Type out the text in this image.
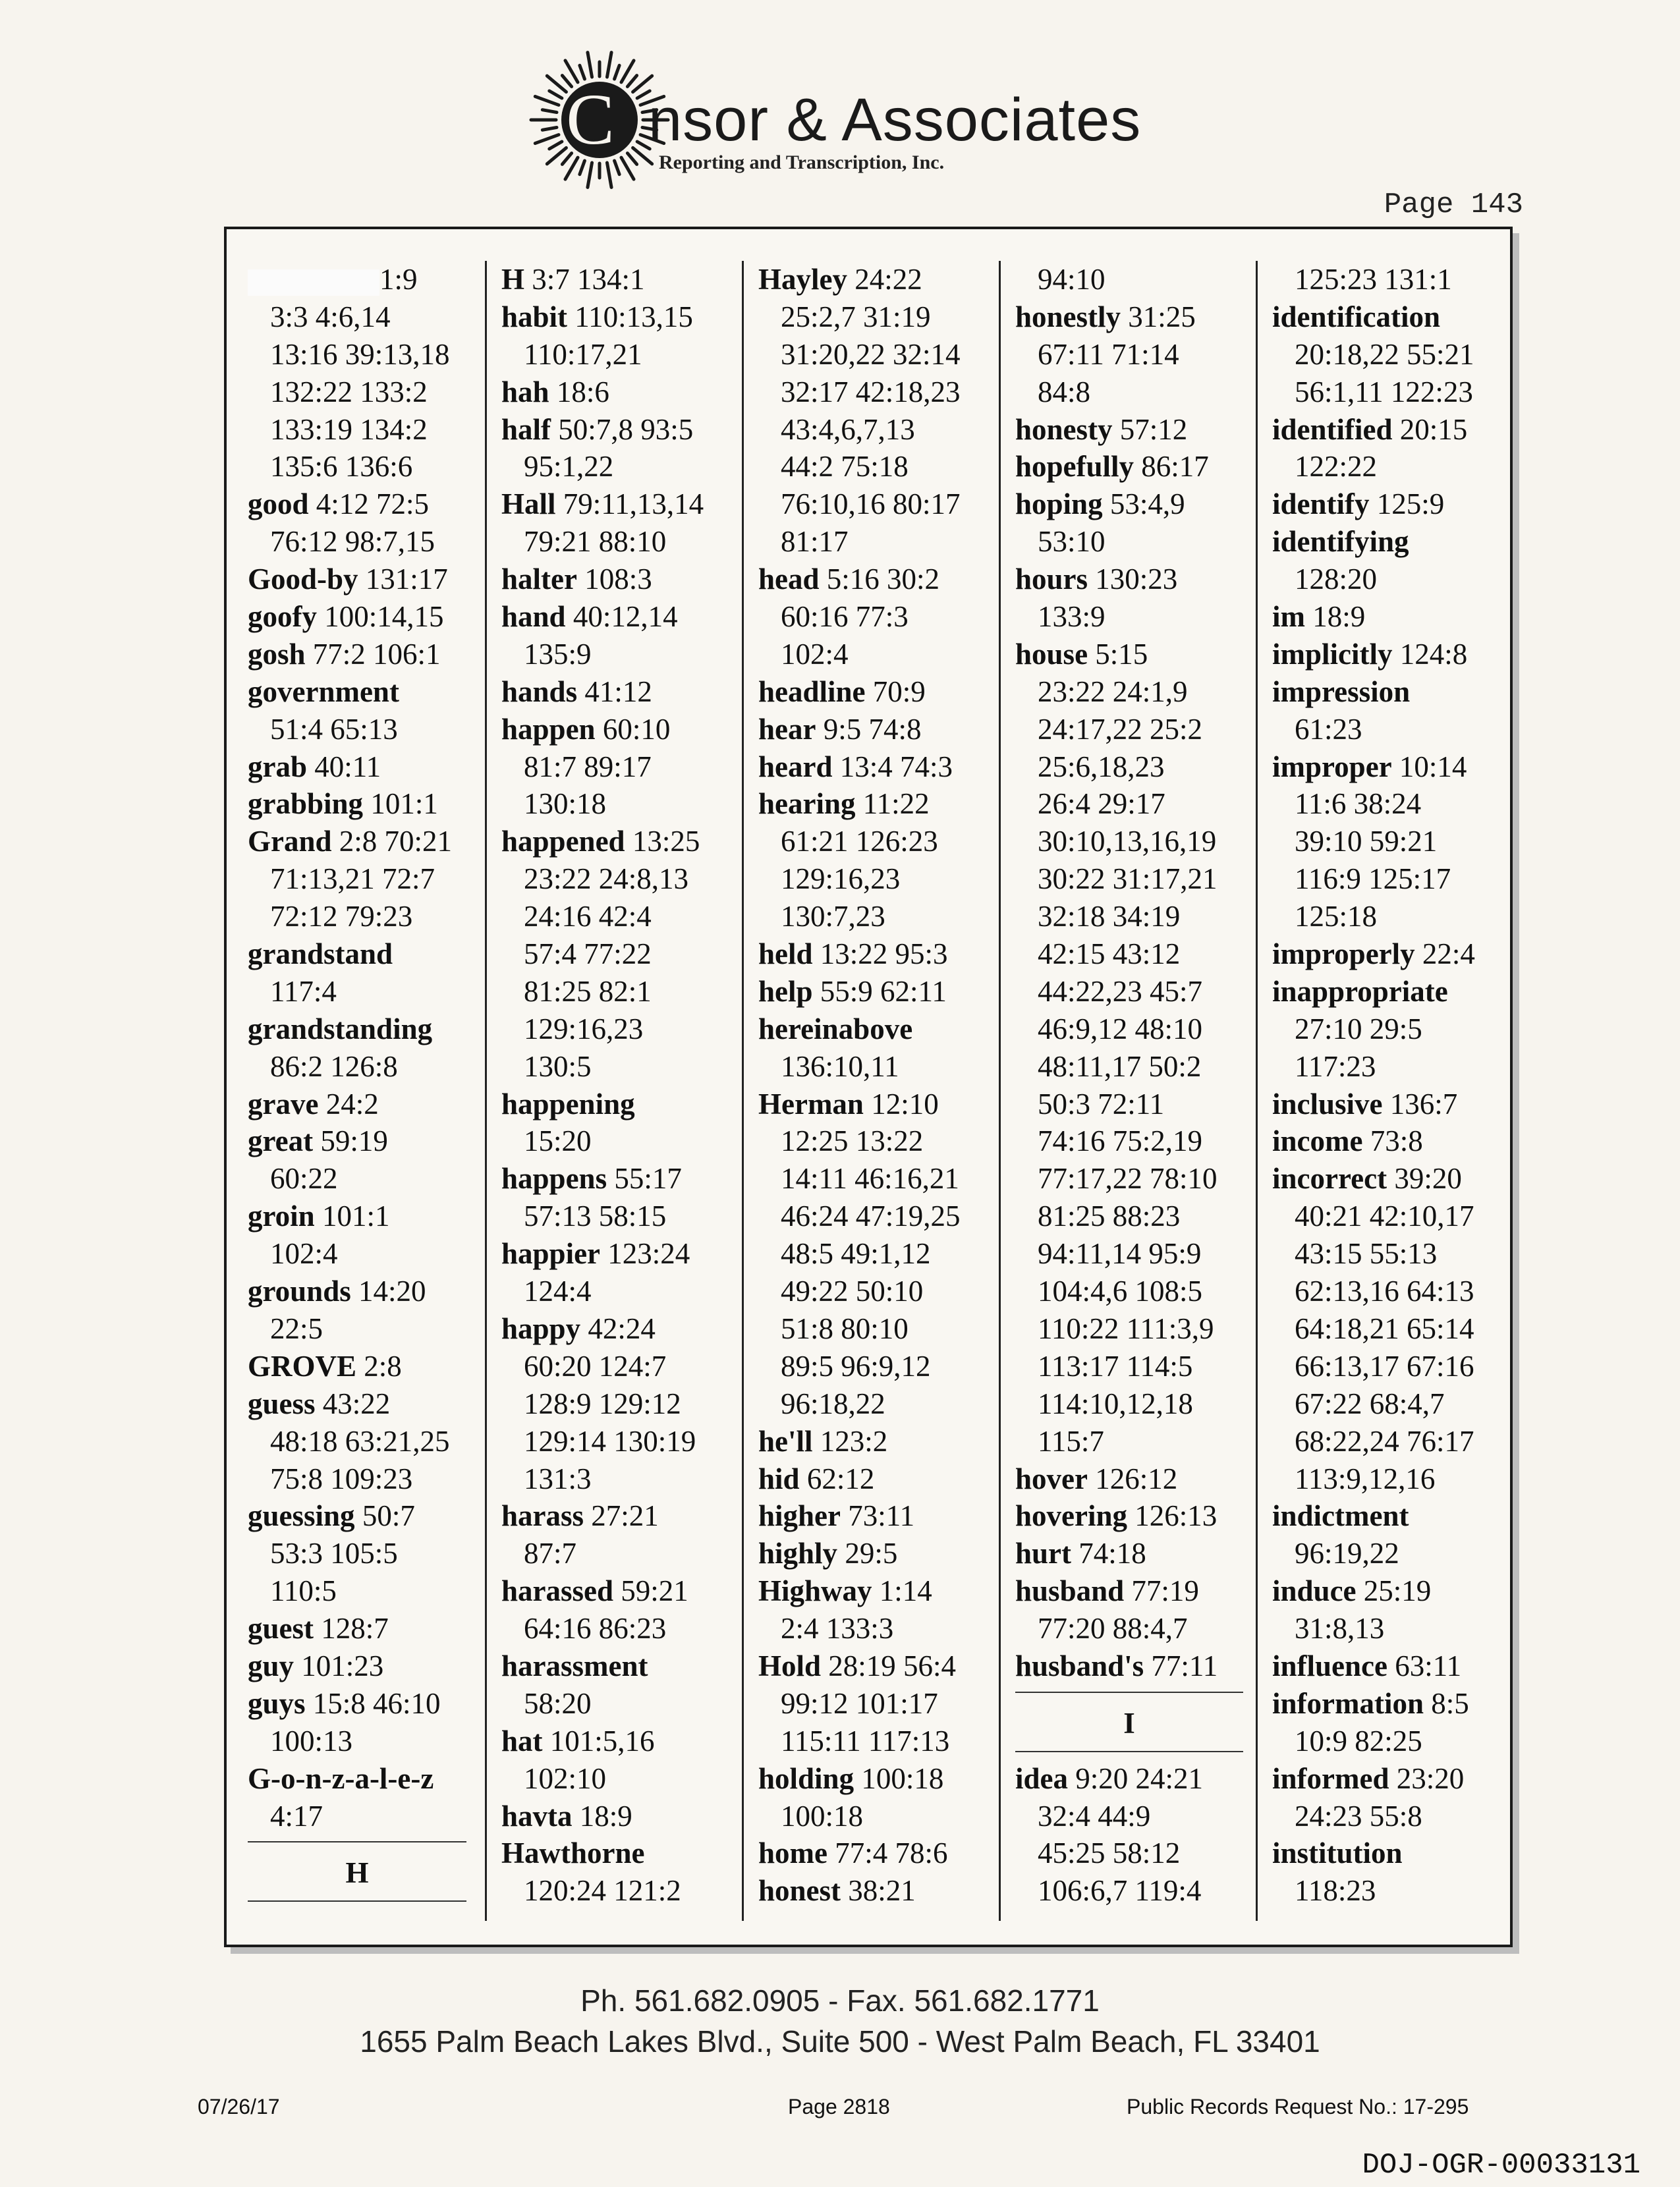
C nsor & Associates
Reporting and Transcription, Inc.
Page 143
1:9
3:3 4:6,14
13:16 39:13,18
132:22 133:2
133:19 134:2
135:6 136:6
good 4:12 72:5
76:12 98:7,15
Good-by 131:17
goofy 100:14,15
gosh 77:2 106:1
government
51:4 65:13
grab 40:11
grabbing 101:1
Grand 2:8 70:21
71:13,21 72:7
72:12 79:23
grandstand
117:4
grandstanding
86:2 126:8
grave 24:2
great 59:19
60:22
groin 101:1
102:4
grounds 14:20
22:5
GROVE 2:8
guess 43:22
48:18 63:21,25
75:8 109:23
guessing 50:7
53:3 105:5
110:5
guest 128:7
guy 101:23
guys 15:8 46:10
100:13
G-o-n-z-a-l-e-z
4:17
H
H 3:7 134:1
habit 110:13,15
110:17,21
hah 18:6
half 50:7,8 93:5
95:1,22
Hall 79:11,13,14
79:21 88:10
halter 108:3
hand 40:12,14
135:9
hands 41:12
happen 60:10
81:7 89:17
130:18
happened 13:25
23:22 24:8,13
24:16 42:4
57:4 77:22
81:25 82:1
129:16,23
130:5
happening
15:20
happens 55:17
57:13 58:15
happier 123:24
124:4
happy 42:24
60:20 124:7
128:9 129:12
129:14 130:19
131:3
harass 27:21
87:7
harassed 59:21
64:16 86:23
harassment
58:20
hat 101:5,16
102:10
havta 18:9
Hawthorne
120:24 121:2
Hayley 24:22
25:2,7 31:19
31:20,22 32:14
32:17 42:18,23
43:4,6,7,13
44:2 75:18
76:10,16 80:17
81:17
head 5:16 30:2
60:16 77:3
102:4
headline 70:9
hear 9:5 74:8
heard 13:4 74:3
hearing 11:22
61:21 126:23
129:16,23
130:7,23
held 13:22 95:3
help 55:9 62:11
hereinabove
136:10,11
Herman 12:10
12:25 13:22
14:11 46:16,21
46:24 47:19,25
48:5 49:1,12
49:22 50:10
51:8 80:10
89:5 96:9,12
96:18,22
he'll 123:2
hid 62:12
higher 73:11
highly 29:5
Highway 1:14
2:4 133:3
Hold 28:19 56:4
99:12 101:17
115:11 117:13
holding 100:18
100:18
home 77:4 78:6
honest 38:21
94:10
honestly 31:25
67:11 71:14
84:8
honesty 57:12
hopefully 86:17
hoping 53:4,9
53:10
hours 130:23
133:9
house 5:15
23:22 24:1,9
24:17,22 25:2
25:6,18,23
26:4 29:17
30:10,13,16,19
30:22 31:17,21
32:18 34:19
42:15 43:12
44:22,23 45:7
46:9,12 48:10
48:11,17 50:2
50:3 72:11
74:16 75:2,19
77:17,22 78:10
81:25 88:23
94:11,14 95:9
104:4,6 108:5
110:22 111:3,9
113:17 114:5
114:10,12,18
115:7
hover 126:12
hovering 126:13
hurt 74:18
husband 77:19
77:20 88:4,7
husband's 77:11
I
idea 9:20 24:21
32:4 44:9
45:25 58:12
106:6,7 119:4
125:23 131:1
identification
20:18,22 55:21
56:1,11 122:23
identified 20:15
122:22
identify 125:9
identifying
128:20
im 18:9
implicitly 124:8
impression
61:23
improper 10:14
11:6 38:24
39:10 59:21
116:9 125:17
125:18
improperly 22:4
inappropriate
27:10 29:5
117:23
inclusive 136:7
income 73:8
incorrect 39:20
40:21 42:10,17
43:15 55:13
62:13,16 64:13
64:18,21 65:14
66:13,17 67:16
67:22 68:4,7
68:22,24 76:17
113:9,12,16
indictment
96:19,22
induce 25:19
31:8,13
influence 63:11
information 8:5
10:9 82:25
informed 23:20
24:23 55:8
institution
118:23
Ph. 561.682.0905 - Fax. 561.682.1771
1655 Palm Beach Lakes Blvd., Suite 500 - West Palm Beach, FL 33401
07/26/17	Page 2818	Public Records Request No.: 17-295
DOJ-OGR-00033131
